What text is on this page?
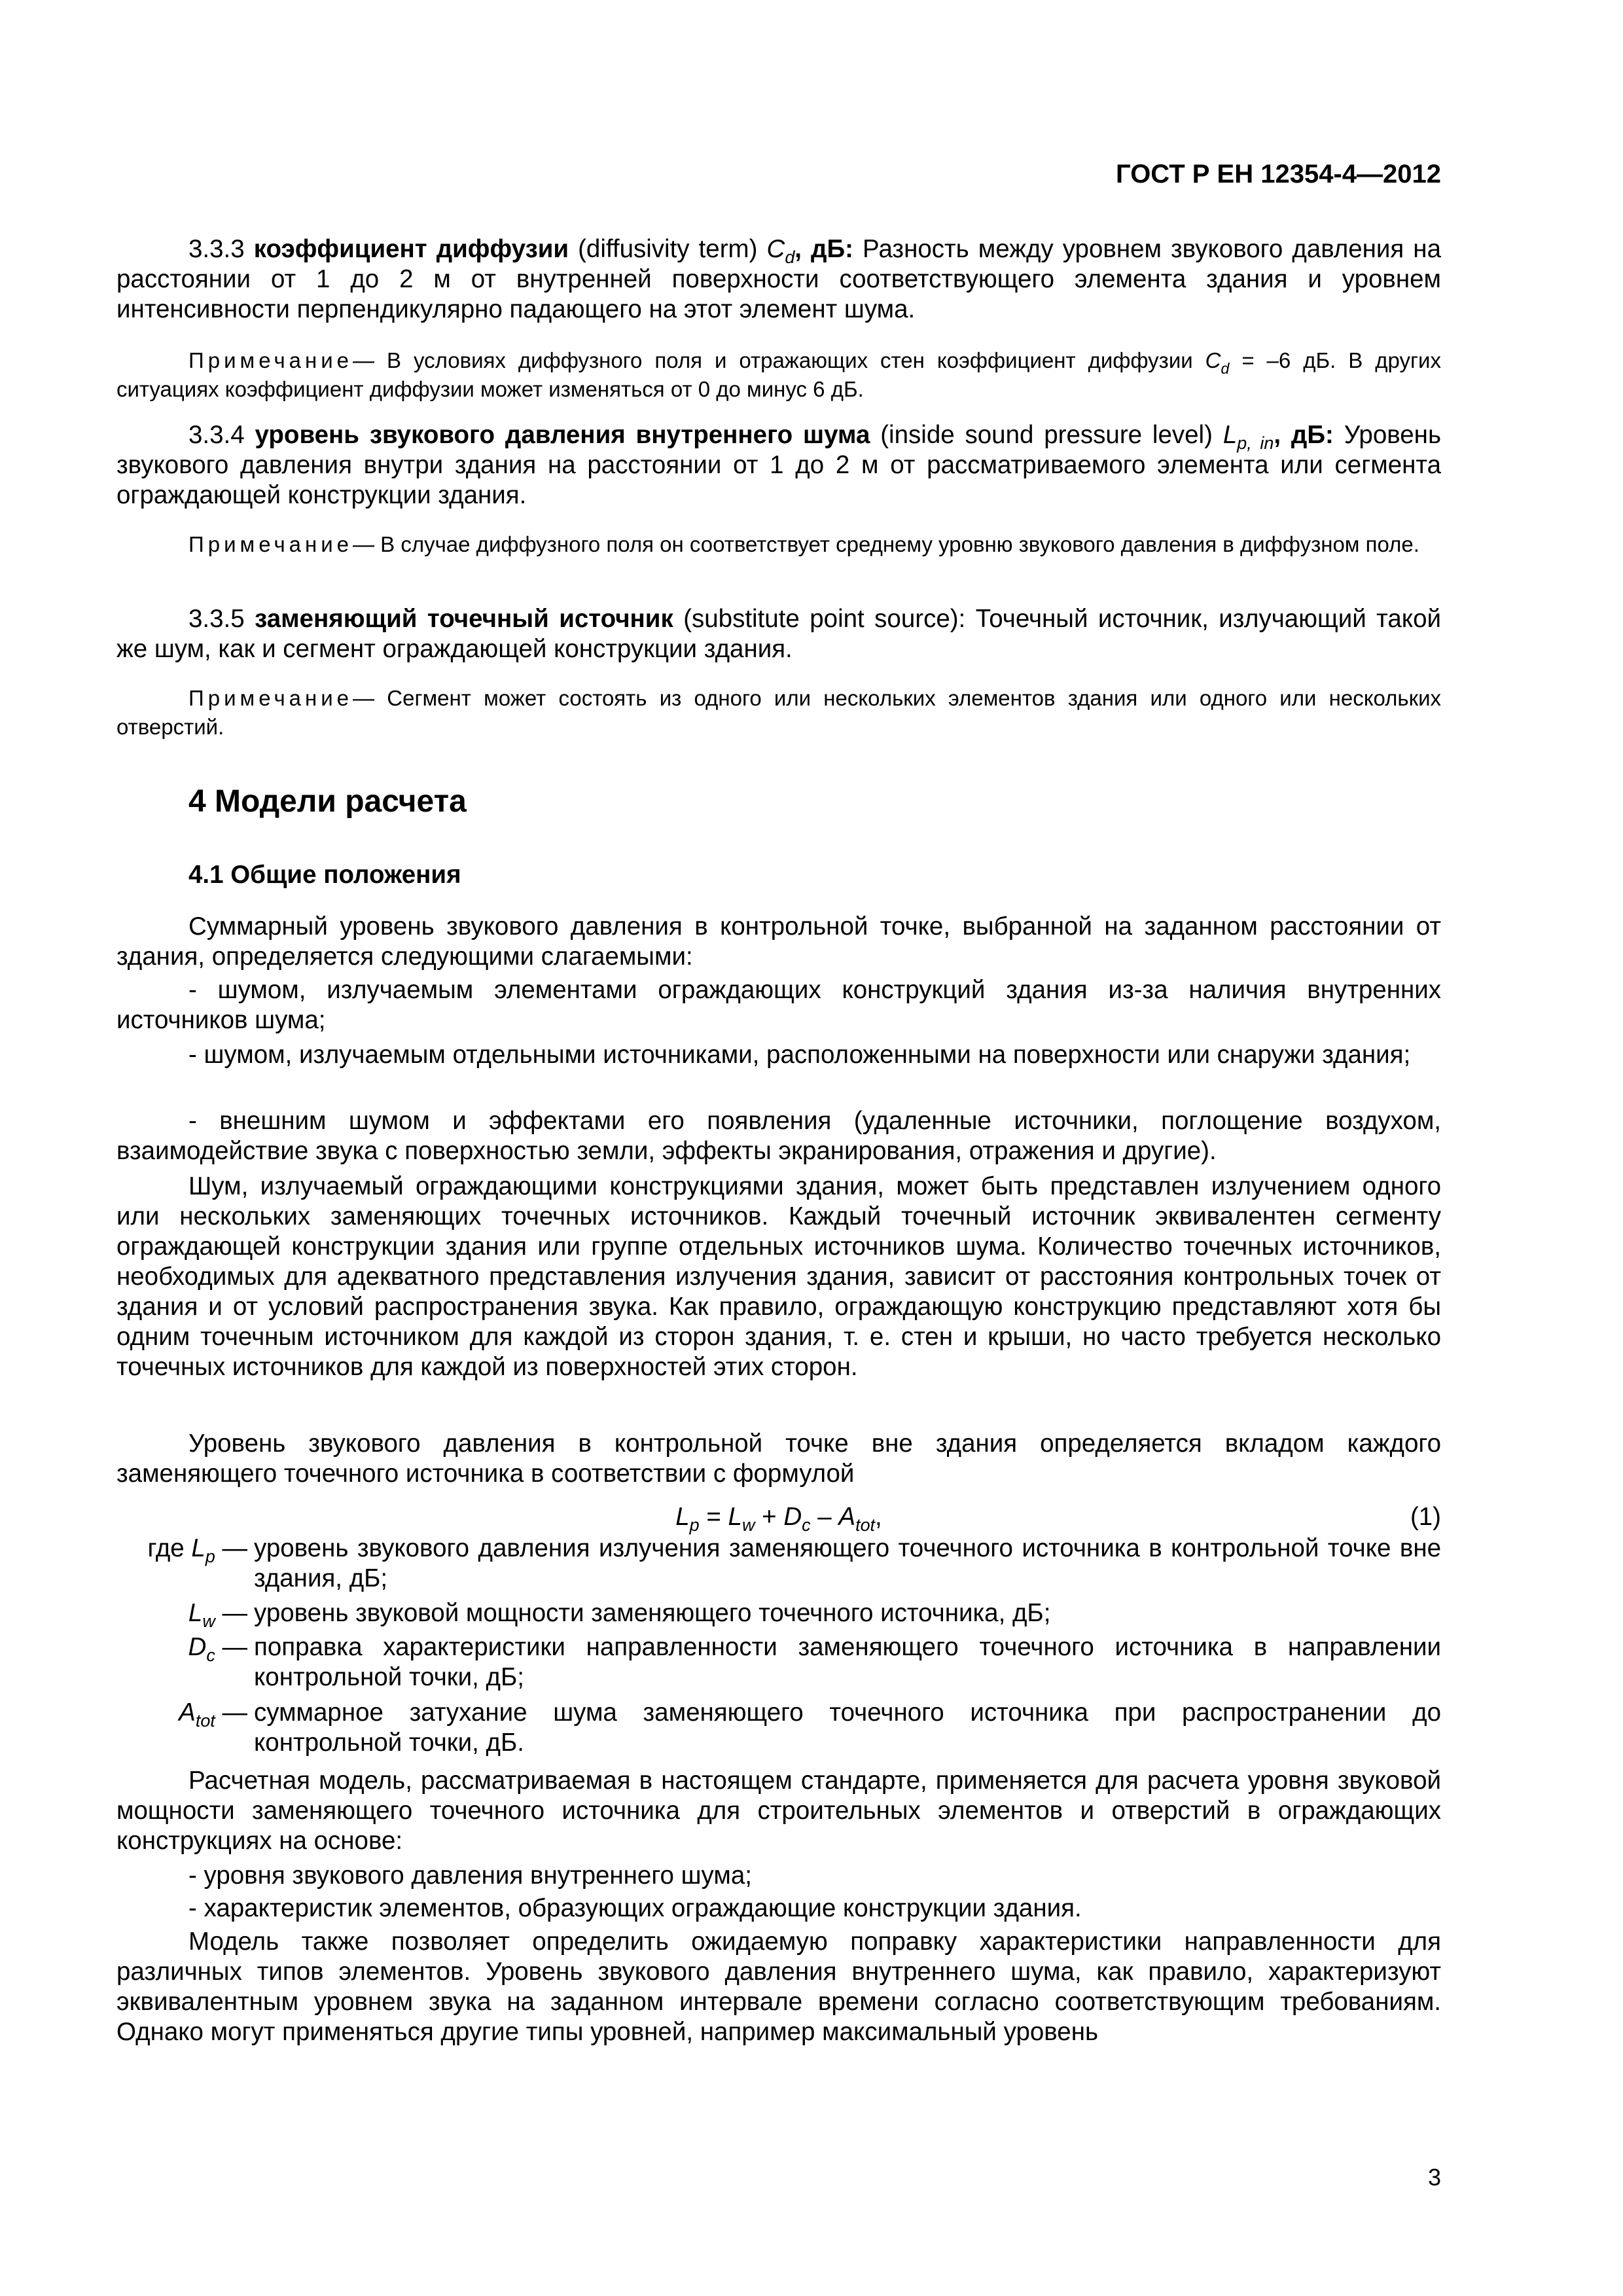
ГОСТ Р ЕН 12354-4—2012
3.3.3 коэффициент диффузии (diffusivity term) $C_d$, дБ: Разность между уровнем звукового давления на расстоянии от 1 до 2 м от внутренней поверхности соответствующего элемента здания и уровнем интенсивности перпендикулярно падающего на этот элемент шума.
Примечание— В условиях диффузного поля и отражающих стен коэффициент диффузии $C_d = -6$ дБ. В других ситуациях коэффициент диффузии может изменяться от 0 до минус 6 дБ.
3.3.4 уровень звукового давления внутреннего шума (inside sound pressure level) $L_{p, in}$, дБ: Уровень звукового давления внутри здания на расстоянии от 1 до 2 м от рассматриваемого элемента или сегмента ограждающей конструкции здания.
Примечание— В случае диффузного поля он соответствует среднему уровню звукового давления в диффузном поле.
3.3.5 заменяющий точечный источник (substitute point source): Точечный источник, излучающий такой же шум, как и сегмент ограждающей конструкции здания.
Примечание— Сегмент может состоять из одного или нескольких элементов здания или одного или нескольких отверстий.
4 Модели расчета
4.1 Общие положения
Суммарный уровень звукового давления в контрольной точке, выбранной на заданном расстоянии от здания, определяется следующими слагаемыми:
- шумом, излучаемым элементами ограждающих конструкций здания из-за наличия внутренних источников шума;
- шумом, излучаемым отдельными источниками, расположенными на поверхности или снаружи здания;
- внешним шумом и эффектами его появления (удаленные источники, поглощение воздухом, взаимодействие звука с поверхностью земли, эффекты экранирования, отражения и другие).
Шум, излучаемый ограждающими конструкциями здания, может быть представлен излучением одного или нескольких заменяющих точечных источников. Каждый точечный источник эквивалентен сегменту ограждающей конструкции здания или группе отдельных источников шума. Количество точечных источников, необходимых для адекватного представления излучения здания, зависит от расстояния контрольных точек от здания и от условий распространения звука. Как правило, ограждающую конструкцию представляют хотя бы одним точечным источником для каждой из сторон здания, т. е. стен и крыши, но часто требуется несколько точечных источников для каждой из поверхностей этих сторон.
Уровень звукового давления в контрольной точке вне здания определяется вкладом каждого заменяющего точечного источника в соответствии с формулой
$L_p = L_w + D_c - A_{tot}$,	(1)
где $L_p$ — уровень звукового давления излучения заменяющего точечного источника в контрольной точке вне здания, дБ;
$L_w$ — уровень звуковой мощности заменяющего точечного источника, дБ;
$D_c$ — поправка характеристики направленности заменяющего точечного источника в направлении контрольной точки, дБ;
$A_{tot}$ — суммарное затухание шума заменяющего точечного источника при распространении до контрольной точки, дБ.
Расчетная модель, рассматриваемая в настоящем стандарте, применяется для расчета уровня звуковой мощности заменяющего точечного источника для строительных элементов и отверстий в ограждающих конструкциях на основе:
- уровня звукового давления внутреннего шума;
- характеристик элементов, образующих ограждающие конструкции здания.
Модель также позволяет определить ожидаемую поправку характеристики направленности для различных типов элементов. Уровень звукового давления внутреннего шума, как правило, характеризуют эквивалентным уровнем звука на заданном интервале времени согласно соответствующим требованиям. Однако могут применяться другие типы уровней, например максимальный уровень
3
